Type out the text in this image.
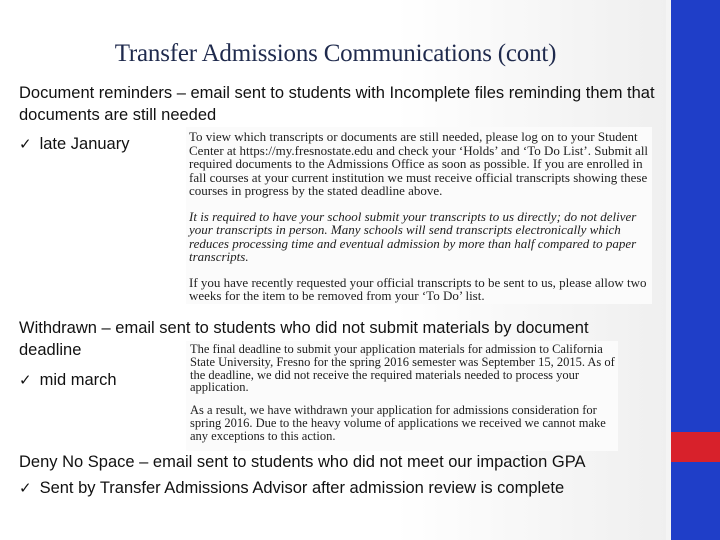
Transfer Admissions Communications (cont)
Document reminders – email sent to students with Incomplete files reminding them that documents are still needed
✓ late January	To view which transcripts or documents are still needed, please log on to your Student Center at https://my.fresnostate.edu and check your ‘Holds’ and ‘To Do List’. Submit all required documents to the Admissions Office as soon as possible. If you are enrolled in fall courses at your current institution we must receive official transcripts showing these courses in progress by the stated deadline above.

It is required to have your school submit your transcripts to us directly; do not deliver your transcripts in person. Many schools will send transcripts electronically which reduces processing time and eventual admission by more than half compared to paper transcripts.

If you have recently requested your official transcripts to be sent to us, please allow two weeks for the item to be removed from your ‘To Do’ list.

Withdrawn – email sent to students who did not submit materials by document deadline
✓ mid march

The final deadline to submit your application materials for admission to California State University, Fresno for the spring 2016 semester was September 15, 2015. As of the deadline, we did not receive the required materials needed to process your application.

As a result, we have withdrawn your application for admissions consideration for spring 2016. Due to the heavy volume of applications we received we cannot make any exceptions to this action.

Deny No Space – email sent to students who did not meet our impaction GPA
✓ Sent by Transfer Admissions Advisor after admission review is complete
